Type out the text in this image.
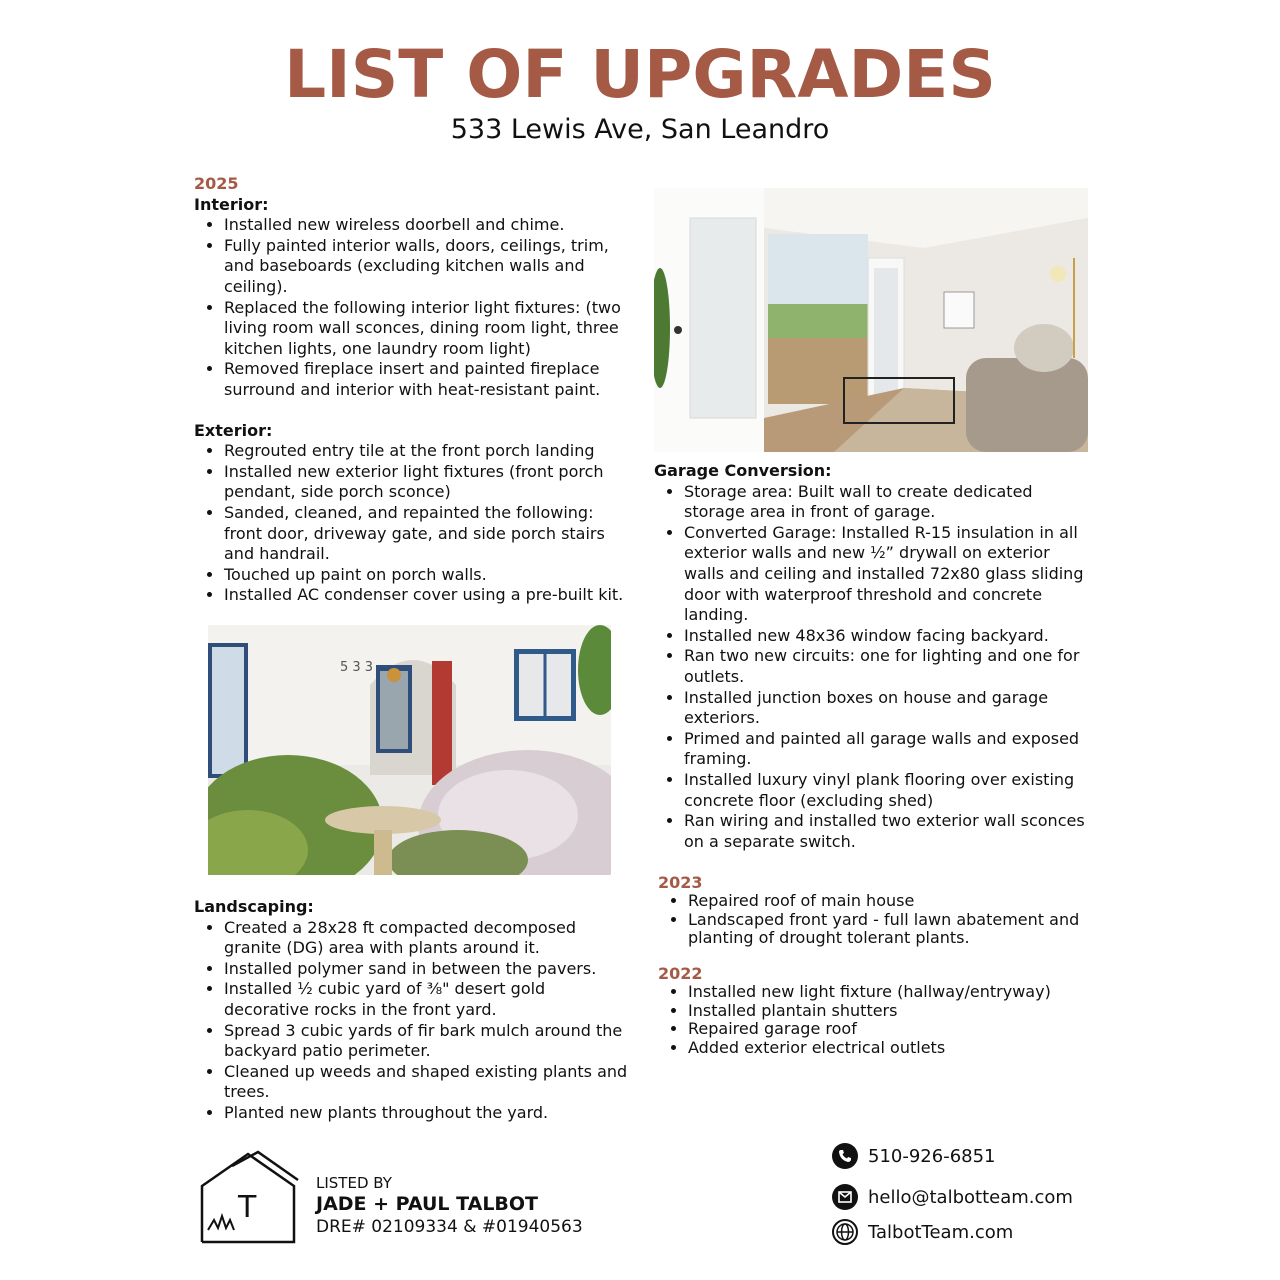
LIST OF UPGRADES
533 Lewis Ave, San Leandro
2025
Interior:
• Installed new wireless doorbell and chime.
• Fully painted interior walls, doors, ceilings, trim, and baseboards (excluding kitchen walls and ceiling).
• Replaced the following interior light fixtures: (two living room wall sconces, dining room light, three kitchen lights, one laundry room light)
• Removed fireplace insert and painted fireplace surround and interior with heat-resistant paint.
Exterior:
• Regrouted entry tile at the front porch landing
• Installed new exterior light fixtures (front porch pendant, side porch sconce)
• Sanded, cleaned, and repainted the following: front door, driveway gate, and side porch stairs and handrail.
• Touched up paint on porch walls.
• Installed AC condenser cover using a pre-built kit.
5 3 3
Landscaping:
• Created a 28x28 ft compacted decomposed granite (DG) area with plants around it.
• Installed polymer sand in between the pavers.
• Installed ½ cubic yard of ⅜" desert gold decorative rocks in the front yard.
• Spread 3 cubic yards of fir bark mulch around the backyard patio perimeter.
• Cleaned up weeds and shaped existing plants and trees.
• Planted new plants throughout the yard.
Garage Conversion:
• Storage area: Built wall to create dedicated storage area in front of garage.
• Converted Garage: Installed R-15 insulation in all exterior walls and new ½” drywall on exterior walls and ceiling and installed 72x80 glass sliding door with waterproof threshold and concrete landing.
• Installed new 48x36 window facing backyard.
• Ran two new circuits: one for lighting and one for outlets.
• Installed junction boxes on house and garage exteriors.
• Primed and painted all garage walls and exposed framing.
• Installed luxury vinyl plank flooring over existing concrete floor (excluding shed)
• Ran wiring and installed two exterior wall sconces on a separate switch.
2023
• Repaired roof of main house
• Landscaped front yard - full lawn abatement and planting of drought tolerant plants.
2022
• Installed new light fixture (hallway/entryway)
• Installed plantain shutters
• Repaired garage roof
• Added exterior electrical outlets
T
LISTED BY
JADE + PAUL TALBOT
DRE# 02109334 & #01940563
510-926-6851
hello@talbotteam.com
TalbotTeam.com
